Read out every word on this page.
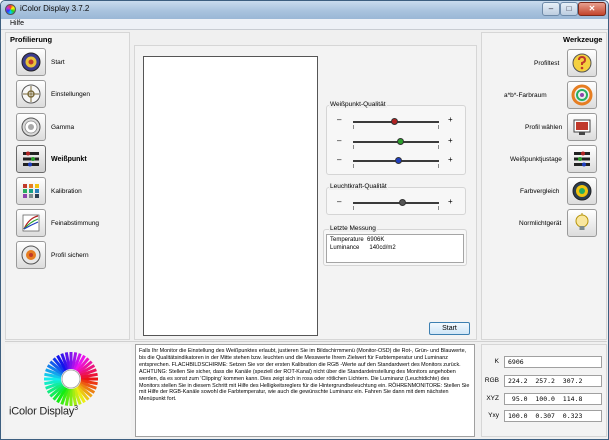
iColor Display 3.7.2	–	□	✕
Hilfe
Profilierung
Start
Einstellungen
Gamma
Weißpunkt
Kalibration
Feinabstimmung
Profil sichern
Weißpunkt-Qualität
–	+
–	+
–	+
Leuchtkraft-Qualität
–	+
Letzte Messung
Temperature  6906K
Luminance      140cd/m2
Start
Werkzeuge
Profiltest
a*b*-Farbraum
Profil wählen
Weißpunktjustage
Farbvergleich
Normlichtgerät
iColor Display$^3$
Falls Ihr Monitor die Einstellung des Weißpunktes erlaubt, justieren Sie im Bildschirmmenü (Monitor-OSD) die Rot-, Grün- und Blauwerte, bis die Qualitätsindikatoren in der Mitte stehen bzw. leuchten und die Messwerte Ihrem Zielwert für Farbtemperatur und Luminanz entsprechen. FLACHBILDSCHIRME: Setzen Sie vor der ersten Kalibration die RGB -Werte auf den Standardwert des Monitors zurück. ACHTUNG: Stellen Sie sicher, dass die Kanäle (speziell der ROT-Kanal) nicht über die Standardeinstellung des Monitors angehoben werden, da es sonst zum 'Clipping' kommen kann. Dies zeigt sich in rosa oder rötlichen Lichtern. Die Luminanz (Leuchtdichte) des Monitors stellen Sie in diesem Schritt mit Hilfe des Helligkeitsreglers für die Hintergrundbeleuchtung ein. RÖHRENMONITORE: Stellen Sie mit Hilfe der RGB-Kanäle sowohl die Farbtemperatur, wie auch die gewünschte Luminanz ein. Fahren Sie dann mit dem nächsten Menüpunkt fort.
K	6906
RGB	224.2  257.2  307.2
XYZ	95.0  100.0  114.8
Yxy	100.0  0.307  0.323
